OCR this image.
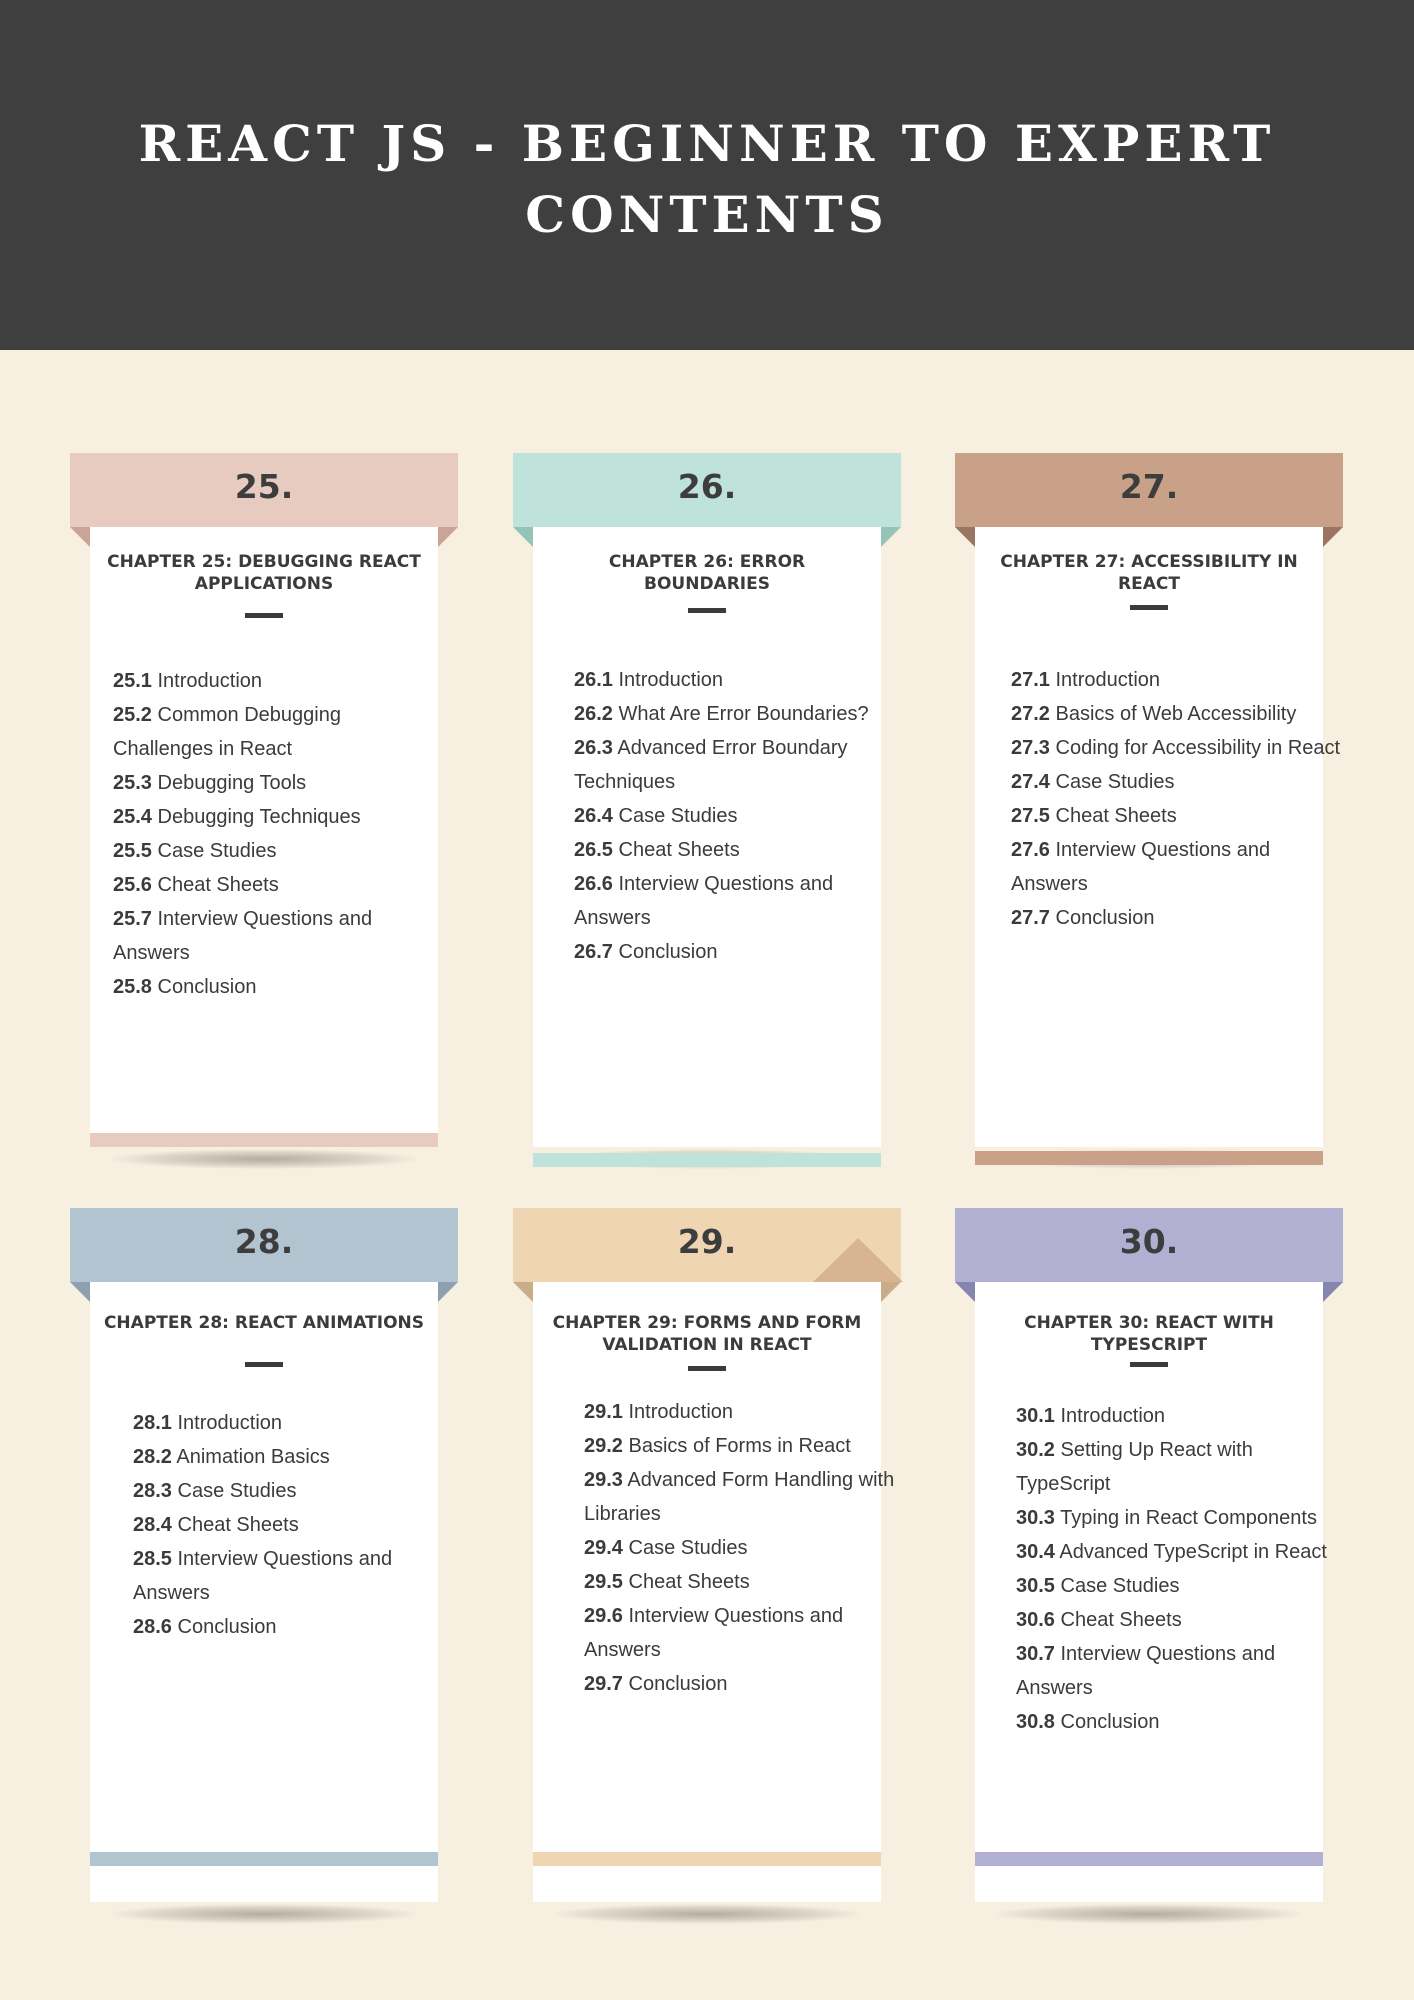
REACT JS - BEGINNER TO EXPERT
CONTENTS
25.
CHAPTER 25: DEBUGGING REACT APPLICATIONS
25.1 Introduction
25.2 Common Debugging Challenges in React
25.3 Debugging Tools
25.4 Debugging Techniques
25.5 Case Studies
25.6 Cheat Sheets
25.7 Interview Questions and Answers
25.8 Conclusion
26.
CHAPTER 26: ERROR BOUNDARIES
26.1 Introduction
26.2 What Are Error Boundaries?
26.3 Advanced Error Boundary Techniques
26.4 Case Studies
26.5 Cheat Sheets
26.6 Interview Questions and Answers
26.7 Conclusion
27.
CHAPTER 27: ACCESSIBILITY IN REACT
27.1 Introduction
27.2 Basics of Web Accessibility
27.3 Coding for Accessibility in React
27.4 Case Studies
27.5 Cheat Sheets
27.6 Interview Questions and Answers
27.7 Conclusion
28.
CHAPTER 28: REACT ANIMATIONS
28.1 Introduction
28.2 Animation Basics
28.3 Case Studies
28.4 Cheat Sheets
28.5 Interview Questions and Answers
28.6 Conclusion
29.
CHAPTER 29: FORMS AND FORM VALIDATION IN REACT
29.1 Introduction
29.2 Basics of Forms in React
29.3 Advanced Form Handling with Libraries
29.4 Case Studies
29.5 Cheat Sheets
29.6 Interview Questions and Answers
29.7 Conclusion
30.
CHAPTER 30: REACT WITH TYPESCRIPT
30.1 Introduction
30.2 Setting Up React with TypeScript
30.3 Typing in React Components
30.4 Advanced TypeScript in React
30.5 Case Studies
30.6 Cheat Sheets
30.7 Interview Questions and Answers
30.8 Conclusion
